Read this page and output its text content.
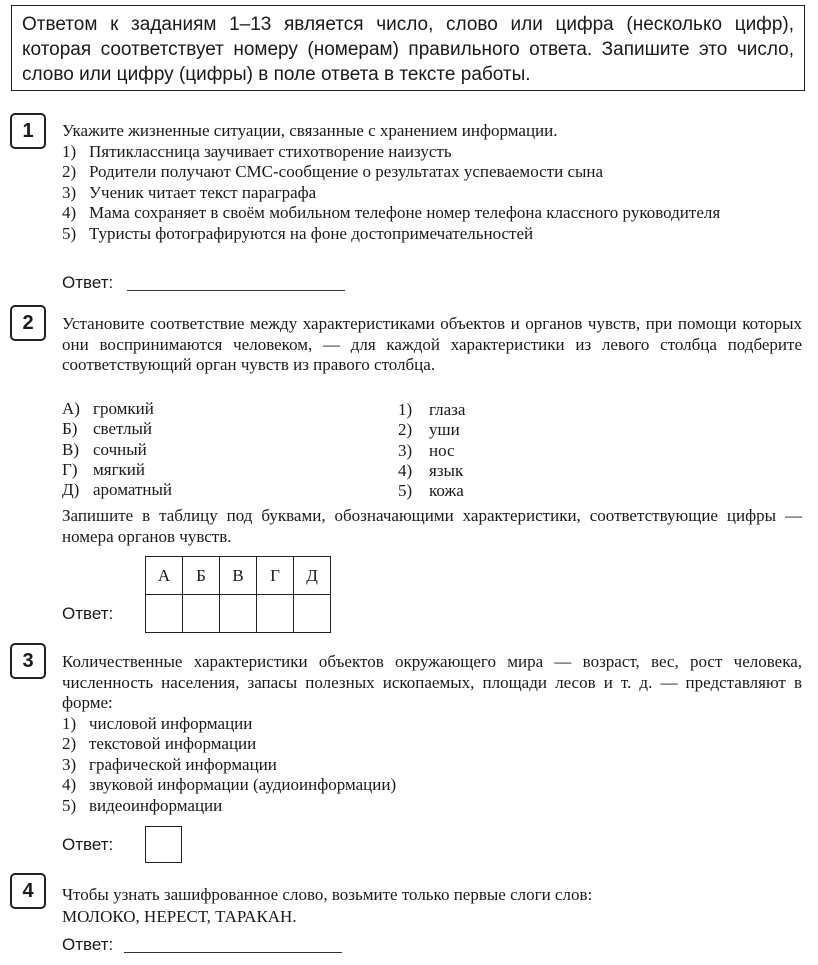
Ответом к заданиям 1–13 является число, слово или цифра (несколько цифр), которая соответствует номеру (номерам) правильного ответа. Запишите это число, слово или цифру (цифры) в поле ответа в тексте работы.
1	Укажите жизненные ситуации, связанные с хранением информации.

1) Пятиклассница заучивает стихотворение наизусть
2) Родители получают СМС-сообщение о результатах успеваемости сына
3) Ученик читает текст параграфа
4) Мама сохраняет в своём мобильном телефоне номер телефона классного руководителя
5) Туристы фотографируются на фоне достопримечательностей
Ответ:
2	Установите соответствие между характеристиками объектов и органов чувств, при помощи которых они воспринимаются человеком, — для каждой характеристики из левого столбца подберите соответствующий орган чувств из правого столбца.
А) громкий
Б) светлый
В) сочный
Г) мягкий
Д) ароматный
1) глаза
2) уши
3) нос
4) язык
5) кожа
Запишите в таблицу под буквами, обозначающими характеристики, соответствующие цифры — номера органов чувств.
Ответ:
А	Б	В	Г	Д

3	Количественные характеристики объектов окружающего мира — возраст, вес, рост человека, численность населения, запасы полезных ископаемых, площади лесов и т. д. — представляют в форме:

1) числовой информации
2) текстовой информации
3) графической информации
4) звуковой информации (аудиоинформации)
5) видеоинформации
Ответ:
4	Чтобы узнать зашифрованное слово, возьмите только первые слоги слов:

МОЛОКО, НЕРЕСТ, ТАРАКАН.

Ответ:
